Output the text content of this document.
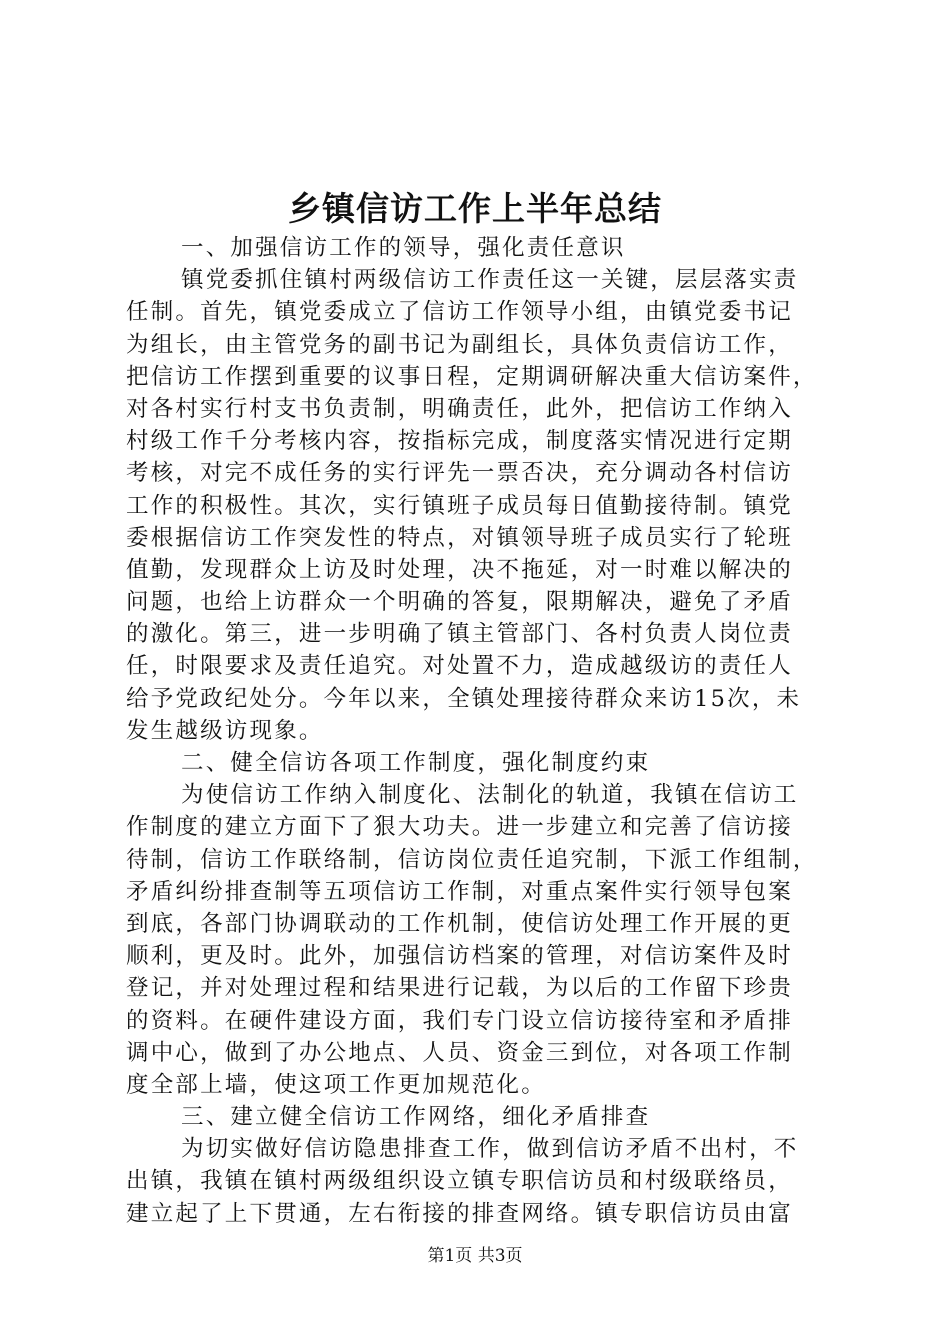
乡镇信访工作上半年总结
一、加强信访工作的领导，强化责任意识
镇党委抓住镇村两级信访工作责任这一关键，层层落实责
任制。首先，镇党委成立了信访工作领导小组，由镇党委书记
为组长，由主管党务的副书记为副组长，具体负责信访工作，
把信访工作摆到重要的议事日程，定期调研解决重大信访案件，
对各村实行村支书负责制，明确责任，此外，把信访工作纳入
村级工作千分考核内容，按指标完成，制度落实情况进行定期
考核，对完不成任务的实行评先一票否决，充分调动各村信访
工作的积极性。其次，实行镇班子成员每日值勤接待制。镇党
委根据信访工作突发性的特点，对镇领导班子成员实行了轮班
值勤，发现群众上访及时处理，决不拖延，对一时难以解决的
问题，也给上访群众一个明确的答复，限期解决，避免了矛盾
的激化。第三，进一步明确了镇主管部门、各村负责人岗位责
任，时限要求及责任追究。对处置不力，造成越级访的责任人
给予党政纪处分。今年以来，全镇处理接待群众来访15次，未
发生越级访现象。
二、健全信访各项工作制度，强化制度约束
为使信访工作纳入制度化、法制化的轨道，我镇在信访工
作制度的建立方面下了狠大功夫。进一步建立和完善了信访接
待制，信访工作联络制，信访岗位责任追究制，下派工作组制，
矛盾纠纷排查制等五项信访工作制，对重点案件实行领导包案
到底，各部门协调联动的工作机制，使信访处理工作开展的更
顺利，更及时。此外，加强信访档案的管理，对信访案件及时
登记，并对处理过程和结果进行记载，为以后的工作留下珍贵
的资料。在硬件建设方面，我们专门设立信访接待室和矛盾排
调中心，做到了办公地点、人员、资金三到位，对各项工作制
度全部上墙，使这项工作更加规范化。
三、建立健全信访工作网络，细化矛盾排查
为切实做好信访隐患排查工作，做到信访矛盾不出村，不
出镇，我镇在镇村两级组织设立镇专职信访员和村级联络员，
建立起了上下贯通，左右衔接的排查网络。镇专职信访员由富
第1页 共3页
